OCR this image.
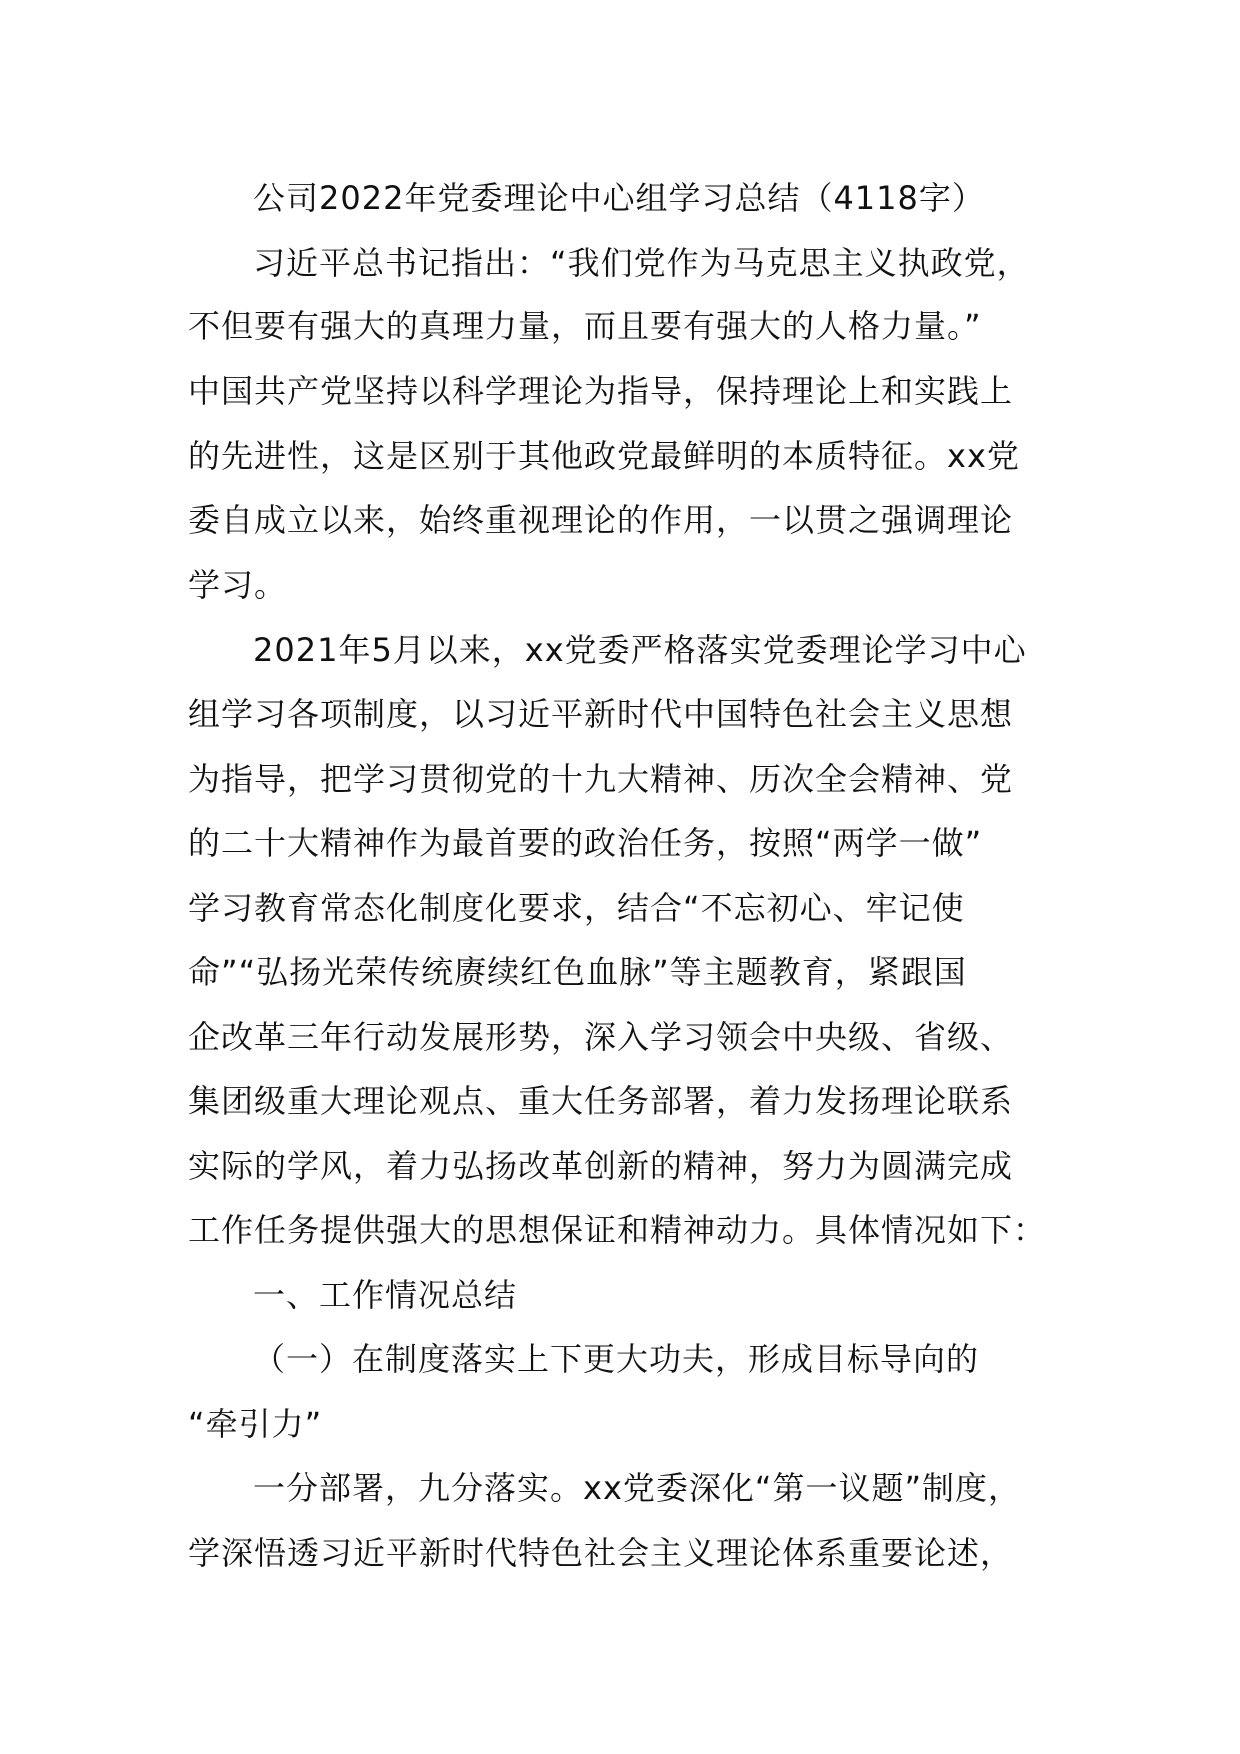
公司2022年党委理论中心组学习总结（4118字）
习近平总书记指出：“我们党作为马克思主义执政党，
不但要有强大的真理力量，而且要有强大的人格力量。”
中国共产党坚持以科学理论为指导，保持理论上和实践上
的先进性，这是区别于其他政党最鲜明的本质特征。xx党
委自成立以来，始终重视理论的作用，一以贯之强调理论
学习。
2021年5月以来，xx党委严格落实党委理论学习中心
组学习各项制度，以习近平新时代中国特色社会主义思想
为指导，把学习贯彻党的十九大精神、历次全会精神、党
的二十大精神作为最首要的政治任务，按照“两学一做”
学习教育常态化制度化要求，结合“不忘初心、牢记使
命”“弘扬光荣传统赓续红色血脉”等主题教育，紧跟国
企改革三年行动发展形势，深入学习领会中央级、省级、
集团级重大理论观点、重大任务部署，着力发扬理论联系
实际的学风，着力弘扬改革创新的精神，努力为圆满完成
工作任务提供强大的思想保证和精神动力。具体情况如下：
一、工作情况总结
（一）在制度落实上下更大功夫，形成目标导向的
“牵引力”
一分部署，九分落实。xx党委深化“第一议题”制度，
学深悟透习近平新时代特色社会主义理论体系重要论述，
